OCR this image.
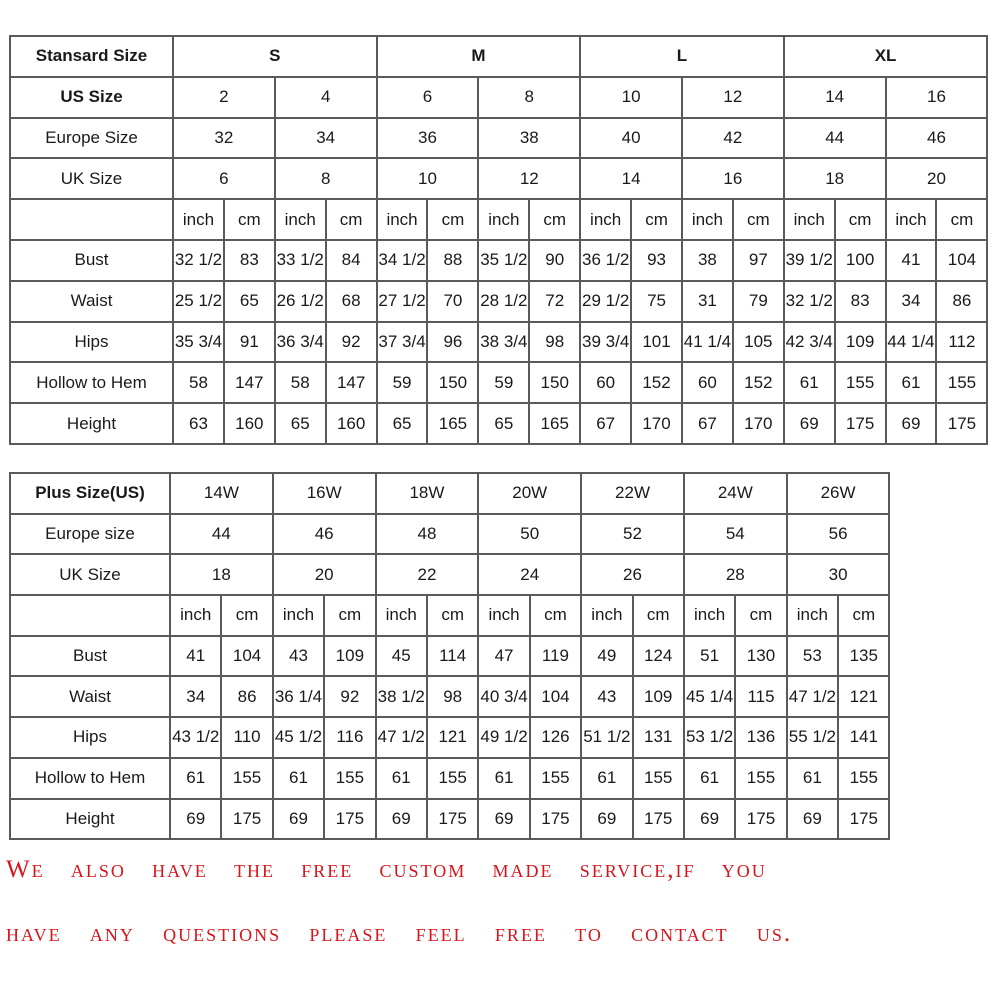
Stansard Size	S				M				L				XL			
US Size	2		4		6		8		10		12		14		16	
Europe Size	32		34		36		38		40		42		44		46	
UK Size	6		8		10		12		14		16		18		20	
	inch	cm	inch	cm	inch	cm	inch	cm	inch	cm	inch	cm	inch	cm	inch	cm
Bust	32 1/2	83	33 1/2	84	34 1/2	88	35 1/2	90	36 1/2	93	38	97	39 1/2	100	41	104
Waist	25 1/2	65	26 1/2	68	27 1/2	70	28 1/2	72	29 1/2	75	31	79	32 1/2	83	34	86
Hips	35 3/4	91	36 3/4	92	37 3/4	96	38 3/4	98	39 3/4	101	41 1/4	105	42 3/4	109	44 1/4	112
Hollow to Hem	58	147	58	147	59	150	59	150	60	152	60	152	61	155	61	155
Height	63	160	65	160	65	165	65	165	67	170	67	170	69	175	69	175
Plus Size(US)	14W		16W		18W		20W		22W		24W		26W	
Europe size	44		46		48		50		52		54		56	
UK Size	18		20		22		24		26		28		30	
	inch	cm	inch	cm	inch	cm	inch	cm	inch	cm	inch	cm	inch	cm
Bust	41	104	43	109	45	114	47	119	49	124	51	130	53	135
Waist	34	86	36 1/4	92	38 1/2	98	40 3/4	104	43	109	45 1/4	115	47 1/2	121
Hips	43 1/2	110	45 1/2	116	47 1/2	121	49 1/2	126	51 1/2	131	53 1/2	136	55 1/2	141
Hollow to Hem	61	155	61	155	61	155	61	155	61	155	61	155	61	155
Height	69	175	69	175	69	175	69	175	69	175	69	175	69	175
We also have the free custom made service,if you
have any questions please feel free to contact us.
